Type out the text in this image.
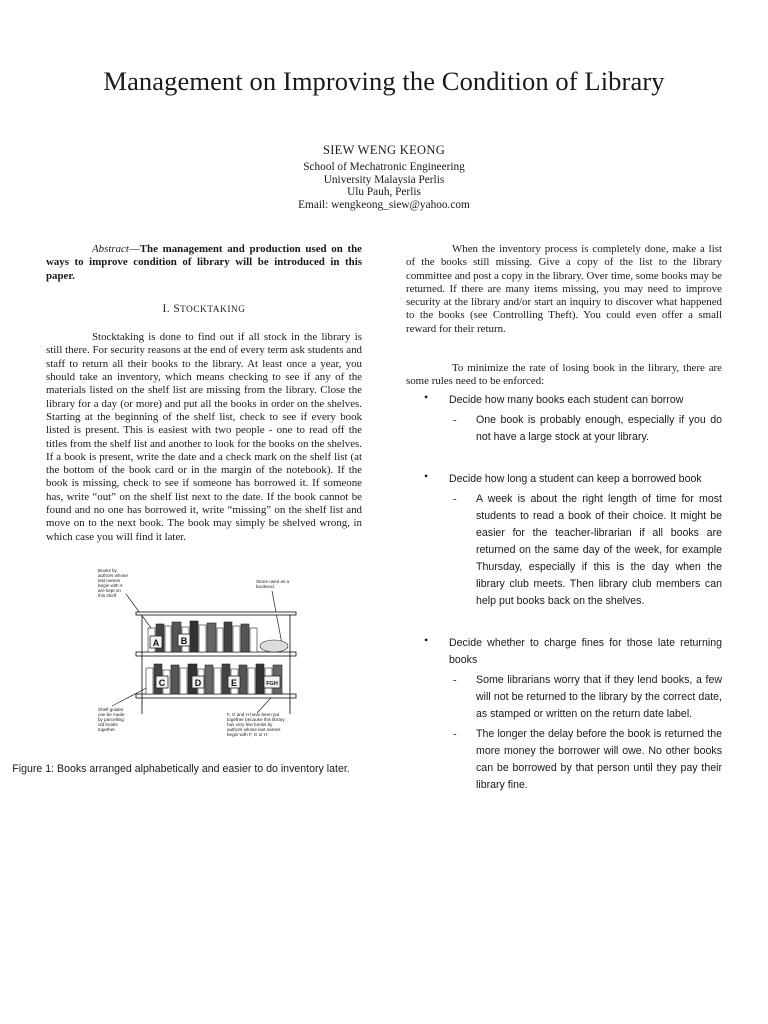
Management on Improving the Condition of Library
SIEW WENG KEONG
School of Mechatronic Engineering
University Malaysia Perlis
Ulu Pauh, Perlis
Email: wengkeong_siew@yahoo.com

Abstract—The management and production used on the ways to improve condition of library will be introduced in this paper.

I. STOCKTAKING

Stocktaking is done to find out if all stock in the library is still there. For security reasons at the end of every term ask students and staff to return all their books to the library. At least once a year, you should take an inventory, which means checking to see if any of the materials listed on the shelf list are missing from the library. Close the library for a day (or more) and put all the books in order on the shelves. Starting at the beginning of the shelf list, check to see if every book listed is present. This is easiest with two people - one to read off the titles from the shelf list and another to look for the books on the shelves. If a book is present, write the date and a check mark on the shelf list (at the bottom of the book card or in the margin of the notebook). If the book is missing, check to see if someone has borrowed it. If someone has, write “out” on the shelf list next to the date. If the book cannot be found and no one has borrowed it, write “missing” on the shelf list and move on to the next book. The book may simply be shelved wrong, in which case you will find it later.

Books by
authors whose
last names
begin with A
are kept on
this shelf.
Stone used as a
bookend.
Shelf guides
can be made
by parcelling
old books
together.
F, G and H have been put
together because this library
has very few books by
authors whose last names
begin with F, G or H.
A B
C	D	E	FGH
Figure 1: Books arranged alphabetically and easier to do inventory later.

When the inventory process is completely done, make a list of the books still missing. Give a copy of the list to the library committee and post a copy in the library. Over time, some books may be returned. If there are many items missing, you may need to improve security at the library and/or start an inquiry to discover what happened to the books (see Controlling Theft). You could even offer a small reward for their return.

To minimize the rate of losing book in the library, there are some rules need to be enforced:

• Decide how many books each student can borrow
- One book is probably enough, especially if you do not have a large stock at your library.
• Decide how long a student can keep a borrowed book
- A week is about the right length of time for most students to read a book of their choice. It might be easier for the teacher-librarian if all books are returned on the same day of the week, for example Thursday, especially if this is the day when the library club meets. Then library club members can help put books back on the shelves.
• Decide whether to charge fines for those late returning books
- Some librarians worry that if they lend books, a few will not be returned to the library by the correct date, as stamped or written on the return date label.
- The longer the delay before the book is returned the more money the borrower will owe. No other books can be borrowed by that person until they pay their library fine.
